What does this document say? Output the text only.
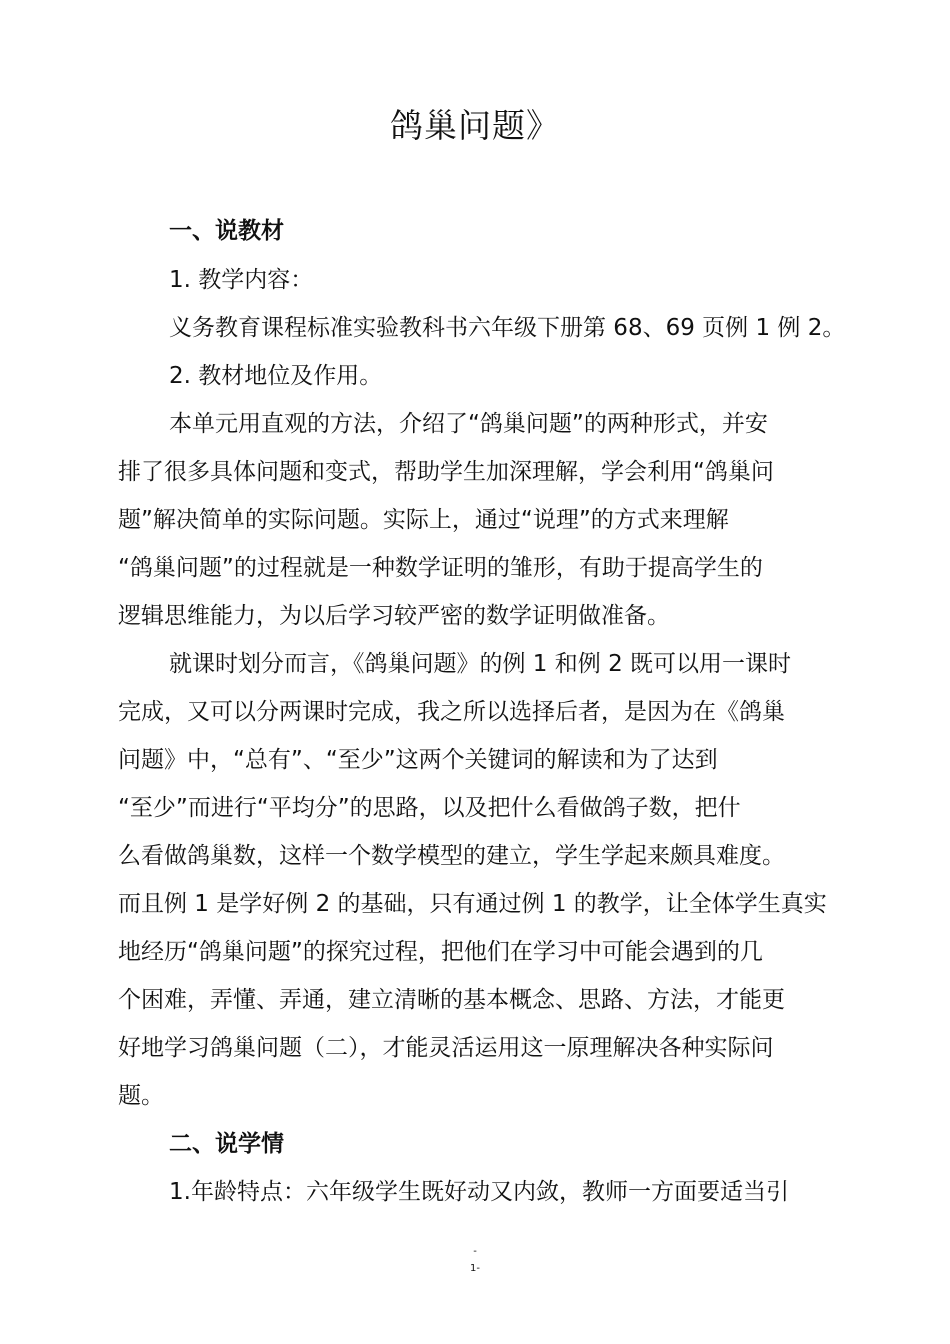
鸽巢问题》
一、说教材
1. 教学内容：
义务教育课程标准实验教科书六年级下册第 68、69 页例 1 例 2。
2. 教材地位及作用。
本单元用直观的方法，介绍了“鸽巢问题”的两种形式，并安
排了很多具体问题和变式，帮助学生加深理解，学会利用“鸽巢问
题”解决简单的实际问题。实际上，通过“说理”的方式来理解
“鸽巢问题”的过程就是一种数学证明的雏形，有助于提高学生的
逻辑思维能力，为以后学习较严密的数学证明做准备。
就课时划分而言，《鸽巢问题》的例 1 和例 2 既可以用一课时
完成，又可以分两课时完成，我之所以选择后者，是因为在《鸽巢
问题》中，“总有”、“至少”这两个关键词的解读和为了达到
“至少”而进行“平均分”的思路，以及把什么看做鸽子数，把什
么看做鸽巢数，这样一个数学模型的建立，学生学起来颇具难度。
而且例 1 是学好例 2 的基础，只有通过例 1 的教学，让全体学生真实
地经历“鸽巢问题”的探究过程，把他们在学习中可能会遇到的几
个困难，弄懂、弄通，建立清晰的基本概念、思路、方法，才能更
好地学习鸽巢问题（二），才能灵活运用这一原理解决各种实际问
题。
二、说学情
1.年龄特点：六年级学生既好动又内敛，教师一方面要适当引
-
1-
